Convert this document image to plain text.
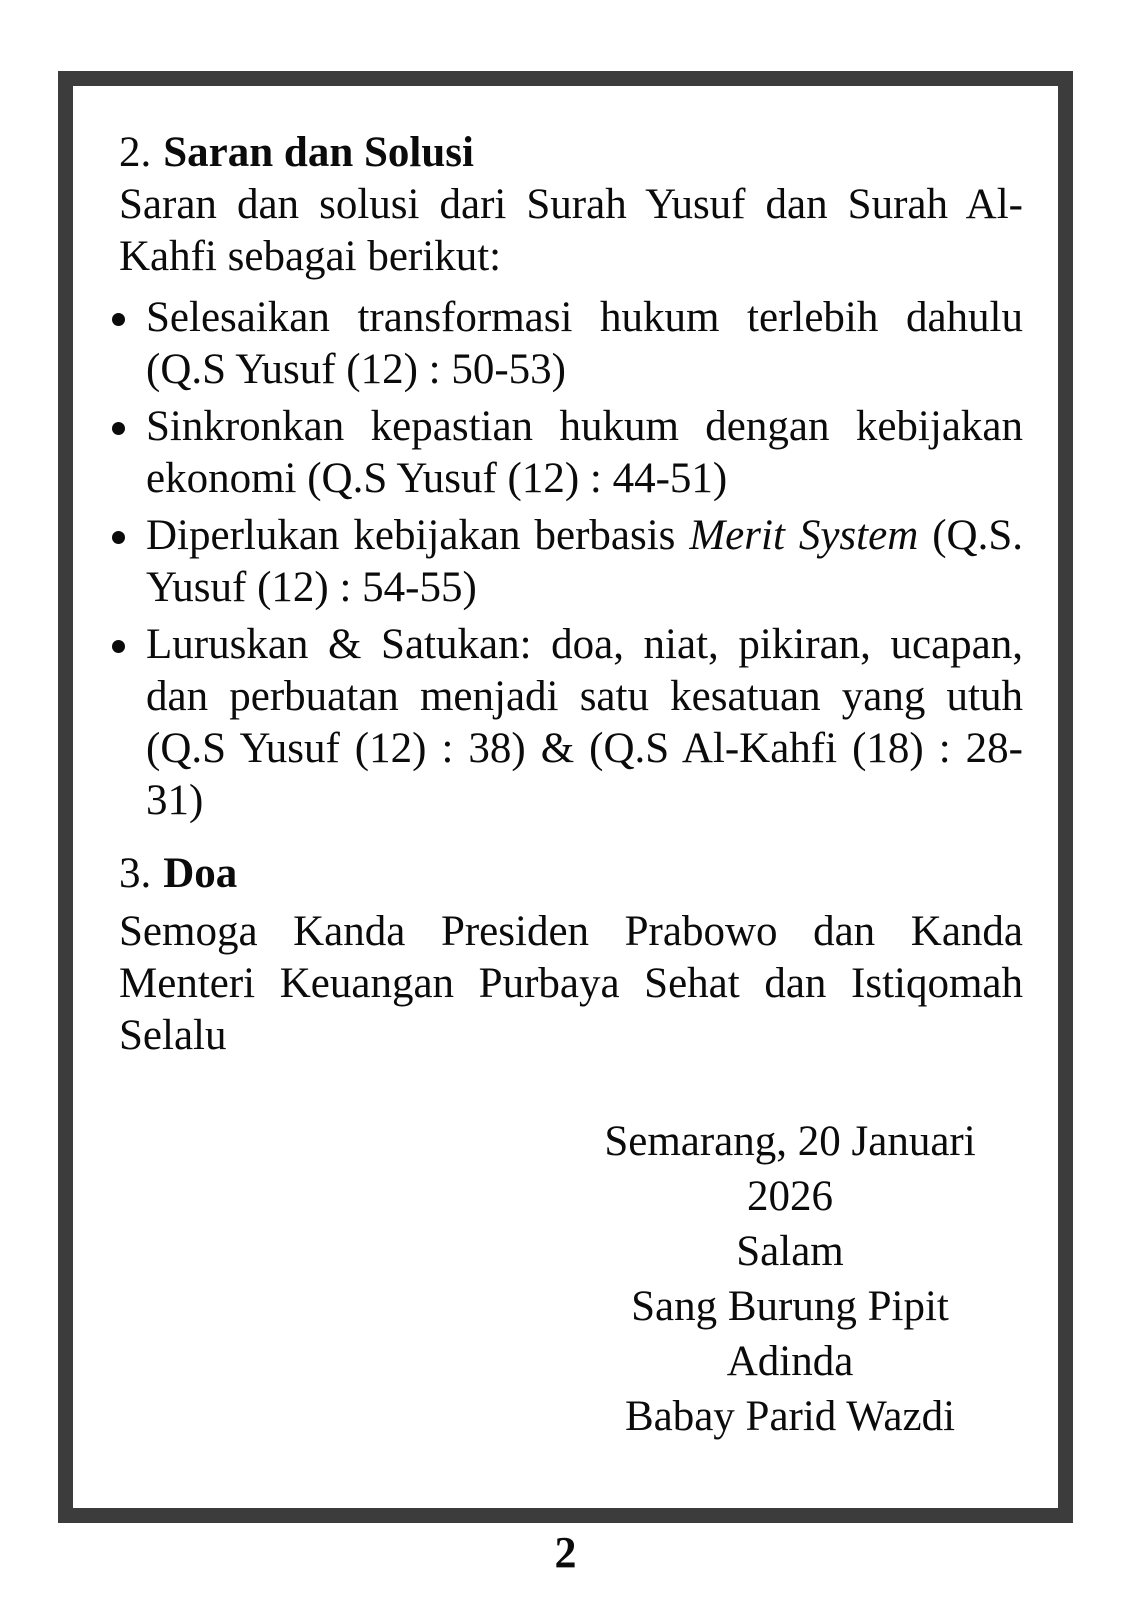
2. Saran dan Solusi

Saran dan solusi dari Surah Yusuf dan Surah Al-Kahfi sebagai berikut:

Selesaikan transformasi hukum terlebih dahulu (Q.S Yusuf (12) : 50-53)
Sinkronkan kepastian hukum dengan kebijakan ekonomi (Q.S Yusuf (12) : 44-51)
Diperlukan kebijakan berbasis Merit System (Q.S. Yusuf (12) : 54-55)
Luruskan & Satukan: doa, niat, pikiran, ucapan, dan perbuatan menjadi satu kesatuan yang utuh (Q.S Yusuf (12) : 38) & (Q.S Al-Kahfi (18) : 28-31)
3. Doa

Semoga Kanda Presiden Prabowo dan Kanda Menteri Keuangan Purbaya Sehat dan Istiqomah Selalu

Semarang, 20 Januari 2026
Salam
Sang Burung Pipit
Adinda
Babay Parid Wazdi
2
